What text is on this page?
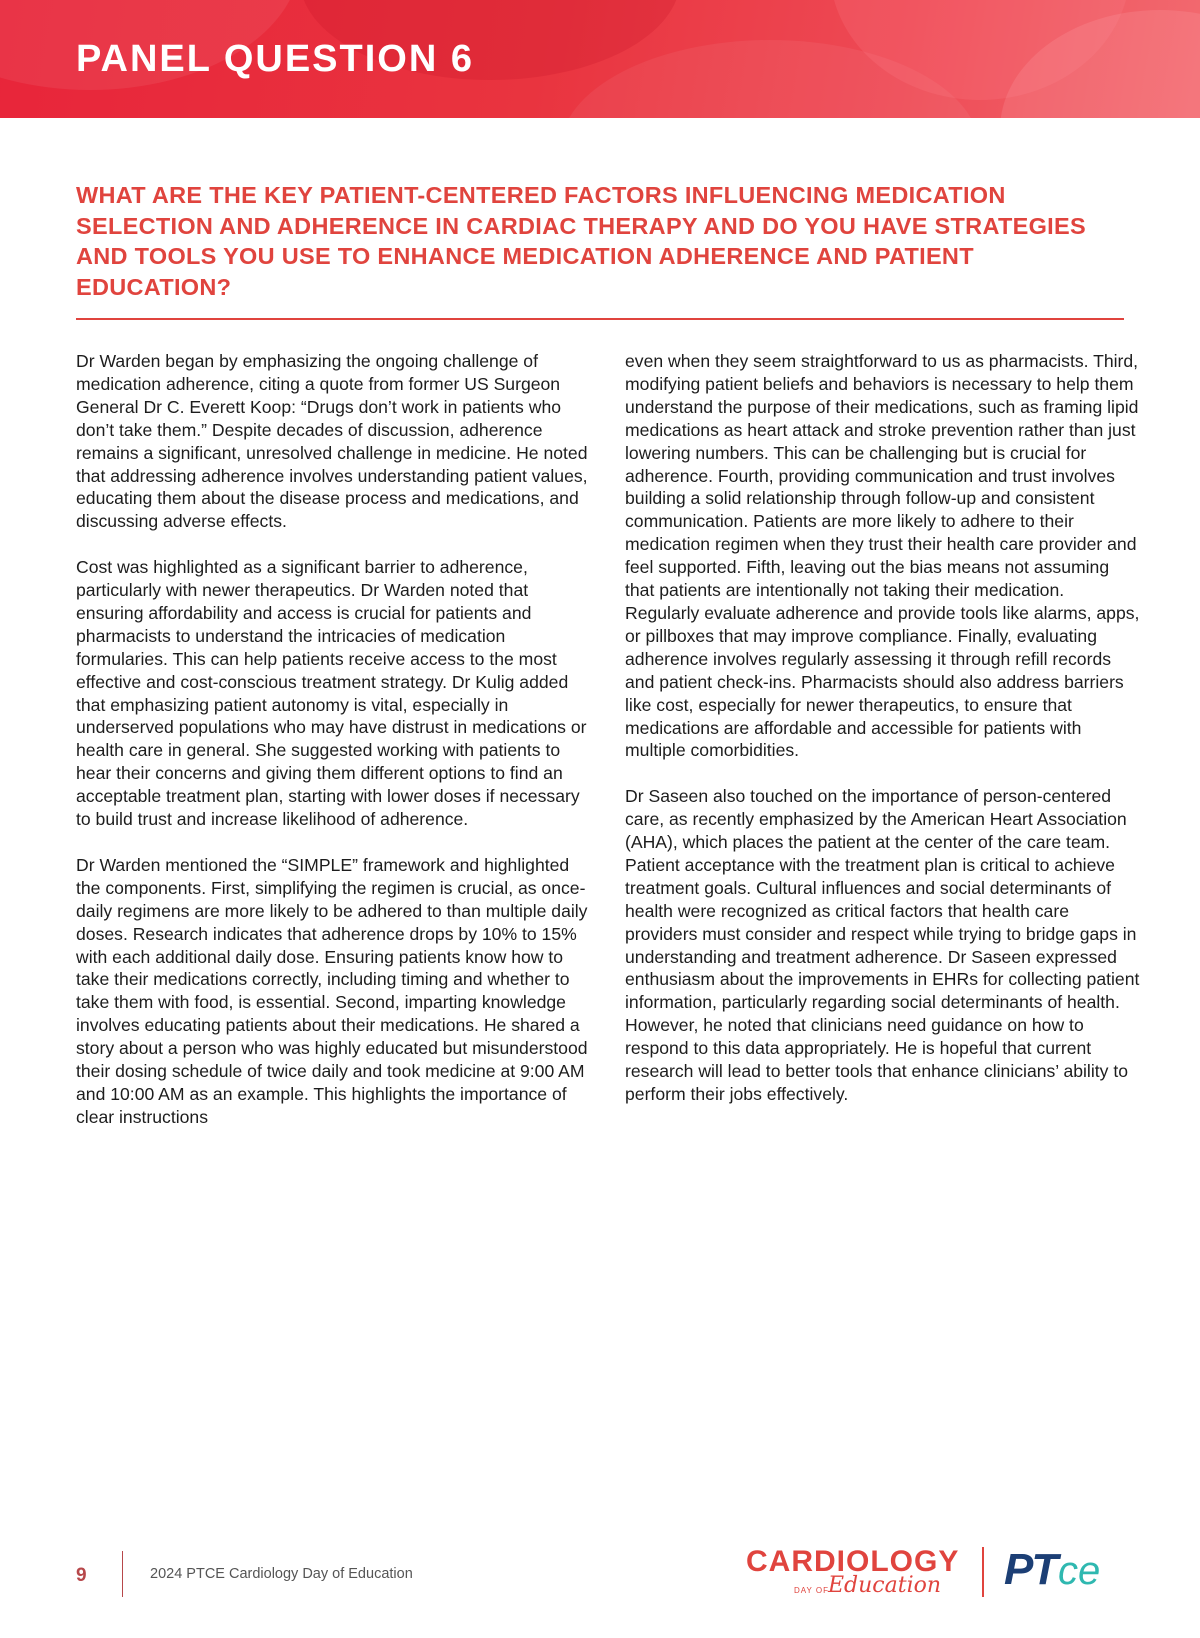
PANEL QUESTION 6
WHAT ARE THE KEY PATIENT-CENTERED FACTORS INFLUENCING MEDICATION SELECTION AND ADHERENCE IN CARDIAC THERAPY AND DO YOU HAVE STRATEGIES AND TOOLS YOU USE TO ENHANCE MEDICATION ADHERENCE AND PATIENT EDUCATION?

Dr Warden began by emphasizing the ongoing challenge of medication adherence, citing a quote from former US Surgeon General Dr C. Everett Koop: “Drugs don’t work in patients who don’t take them.” Despite decades of discussion, adherence remains a significant, unresolved challenge in medicine. He noted that addressing adherence involves understanding patient values, educating them about the disease process and medications, and discussing adverse effects.

Cost was highlighted as a significant barrier to adherence, particularly with newer therapeutics. Dr Warden noted that ensuring affordability and access is crucial for patients and pharmacists to understand the intricacies of medication formularies. This can help patients receive access to the most effective and cost-conscious treatment strategy. Dr Kulig added that emphasizing patient autonomy is vital, especially in underserved populations who may have distrust in medications or health care in general. She suggested working with patients to hear their concerns and giving them different options to find an acceptable treatment plan, starting with lower doses if necessary to build trust and increase likelihood of adherence.

Dr Warden mentioned the “SIMPLE” framework and highlighted the components. First, simplifying the regimen is crucial, as once-daily regimens are more likely to be adhered to than multiple daily doses. Research indicates that adherence drops by 10% to 15% with each additional daily dose. Ensuring patients know how to take their medications correctly, including timing and whether to take them with food, is essential. Second, imparting knowledge involves educating patients about their medications. He shared a story about a person who was highly educated but misunderstood their dosing schedule of twice daily and took medicine at 9:00 AM and 10:00 AM as an example. This highlights the importance of clear instructions

even when they seem straightforward to us as pharmacists. Third, modifying patient beliefs and behaviors is necessary to help them understand the purpose of their medications, such as framing lipid medications as heart attack and stroke prevention rather than just lowering numbers. This can be challenging but is crucial for adherence. Fourth, providing communication and trust involves building a solid relationship through follow-up and consistent communication. Patients are more likely to adhere to their medication regimen when they trust their health care provider and feel supported. Fifth, leaving out the bias means not assuming that patients are intentionally not taking their medication. Regularly evaluate adherence and provide tools like alarms, apps, or pillboxes that may improve compliance. Finally, evaluating adherence involves regularly assessing it through refill records and patient check-ins. Pharmacists should also address barriers like cost, especially for newer therapeutics, to ensure that medications are affordable and accessible for patients with multiple comorbidities.

Dr Saseen also touched on the importance of person-centered care, as recently emphasized by the American Heart Association (AHA), which places the patient at the center of the care team. Patient acceptance with the treatment plan is critical to achieve treatment goals. Cultural influences and social determinants of health were recognized as critical factors that health care providers must consider and respect while trying to bridge gaps in understanding and treatment adherence. Dr Saseen expressed enthusiasm about the improvements in EHRs for collecting patient information, particularly regarding social determinants of health. However, he noted that clinicians need guidance on how to respond to this data appropriately. He is hopeful that current research will lead to better tools that enhance clinicians’ ability to perform their jobs effectively.

9	2024 PTCE Cardiology Day of Education	CARDIOLOGY
DAY OF
Education PT ce
